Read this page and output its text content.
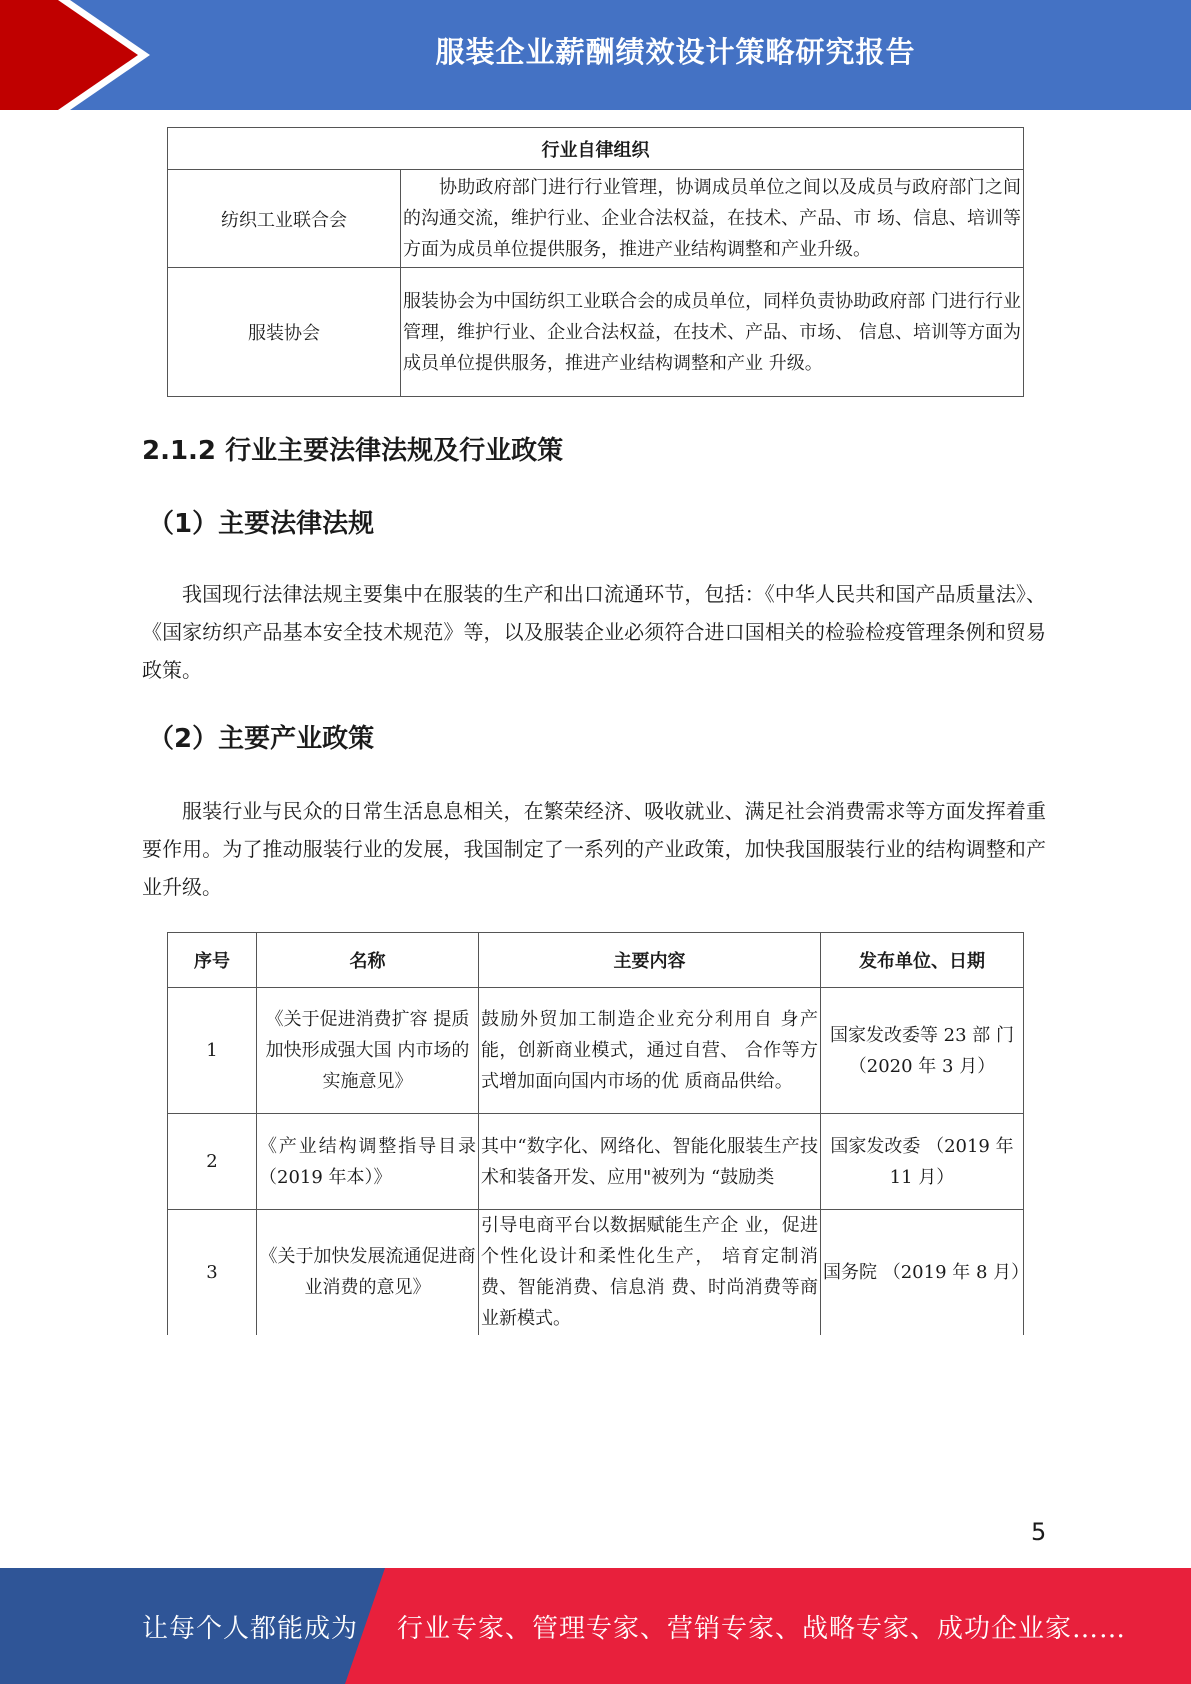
服装企业薪酬绩效设计策略研究报告
行业自律组织	
纺织工业联合会	协助政府部门进行行业管理，协调成员单位之间以及成员与政府部门之间的沟通交流，维护行业、企业合法权益，在技术、产品、市 场、信息、培训等方面为成员单位提供服务，推进产业结构调整和产业升级。
服装协会	服装协会为中国纺织工业联合会的成员单位，同样负责协助政府部 门进行行业管理，维护行业、企业合法权益，在技术、产品、市场、 信息、培训等方面为成员单位提供服务，推进产业结构调整和产业 升级。
2.1.2 行业主要法律法规及行业政策
（1）主要法律法规

我国现行法律法规主要集中在服装的生产和出口流通环节，包括：《中华人民共和国产品质量法》、《国家纺织产品基本安全技术规范》等，以及服装企业必须符合进口国相关的检验检疫管理条例和贸易政策。

（2）主要产业政策

服装行业与民众的日常生活息息相关，在繁荣经济、吸收就业、满足社会消费需求等方面发挥着重要作用。为了推动服装行业的发展，我国制定了一系列的产业政策，加快我国服装行业的结构调整和产业升级。

序号	名称	主要内容	发布单位、日期
1	《关于促进消费扩容 提质加快形成强大国 内市场的实施意见》	鼓励外贸加工制造企业充分利用自 身产能，创新商业模式，通过自营、 合作等方式增加面向国内市场的优 质商品供给。	国家发改委等 23 部 门（2020 年 3 月）
2	《产业结构调整指导目录（2019 年本）》	其中“数字化、网络化、智能化服装生产技术和装备开发、应用"被列为 “鼓励类	国家发改委 （2019 年 11 月）
3	《关于加快发展流通促进商业消费的意见》	引导电商平台以数据赋能生产企 业，促进个性化设计和柔性化生产， 培育定制消费、智能消费、信息消 费、时尚消费等商业新模式。	国务院 （2019 年 8 月）
5
让每个人都能成为 行业专家、管理专家、营销专家、战略专家、成功企业家……
